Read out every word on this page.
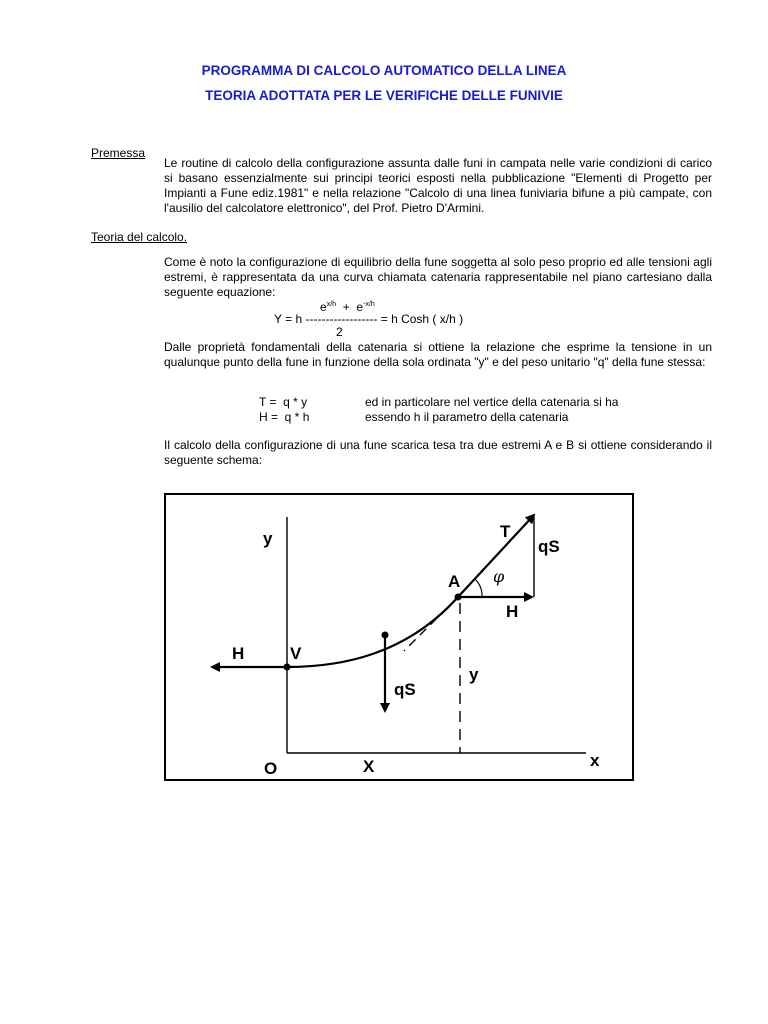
PROGRAMMA DI CALCOLO AUTOMATICO DELLA LINEA
TEORIA ADOTTATA PER LE VERIFICHE DELLE FUNIVIE
Premessa
Le routine di calcolo della configurazione assunta dalle funi in campata nelle varie condizioni di carico si basano essenzialmente sui principi teorici esposti nella pubblicazione "Elementi di Progetto per Impianti a Fune ediz.1981" e nella relazione "Calcolo di una linea funiviaria bifune a più campate, con l'ausilio del calcolatore elettronico", del Prof. Pietro D'Armini.
Teoria del calcolo.
Come è noto la configurazione di equilibrio della fune soggetta al solo peso proprio ed alle tensioni agli estremi, è rappresentata da una curva chiamata catenaria rappresentabile nel piano cartesiano dalla seguente equazione:
$e^{x/h} + e^{-x/h}$
Y = h ------------------ = h Cosh ( x/h )
2
Dalle proprietà fondamentali della catenaria si ottiene la relazione che esprime la tensione in un qualunque punto della fune in funzione della sola ordinata "y" e del peso unitario "q" della fune stessa:
T =  q * y	ed in particolare nel vertice della catenaria si ha
H =  q * h	essendo h il parametro della catenaria
Il calcolo della configurazione di una fune scarica tesa tra due estremi A e B si ottiene considerando il seguente schema:
y	T
qS
A φ
H
H	V
qS
y
O	X	x
